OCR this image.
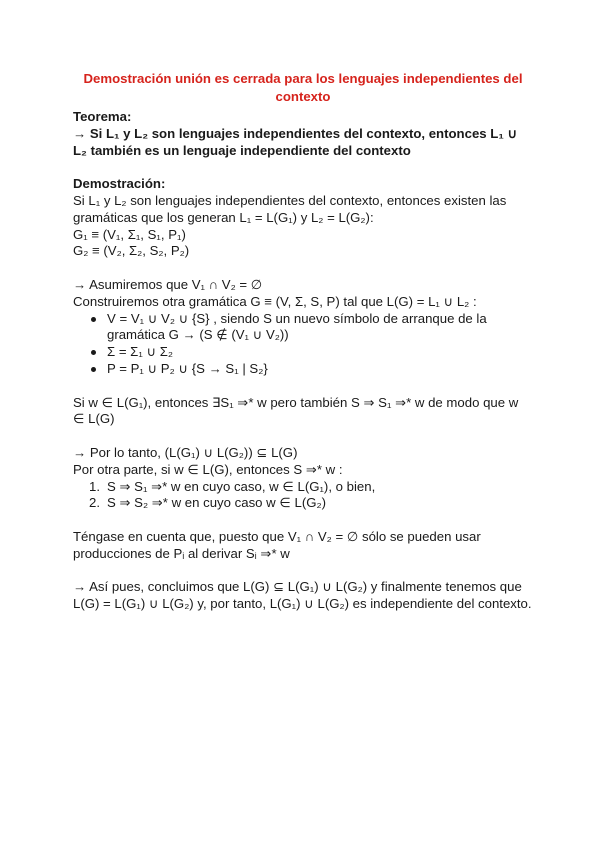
Demostración unión es cerrada para los lenguajes independientes del contexto

Teorema:

→ Si L₁ y L₂ son lenguajes independientes del contexto, entonces L₁ ∪ L₂ también es un lenguaje independiente del contexto

Demostración:

Si L₁ y L₂ son lenguajes independientes del contexto, entonces existen las gramáticas que los generan L₁ = L(G₁) y L₂ = L(G₂):

G₁ ≡ (V₁, Σ₁, S₁, P₁)

G₂ ≡ (V₂, Σ₂, S₂, P₂)

→ Asumiremos que V₁ ∩ V₂ = ∅

Construiremos otra gramática G ≡ (V, Σ, S, P) tal que L(G) = L₁ ∪ L₂ :

V = V₁ ∪ V₂ ∪ {S} , siendo S un nuevo símbolo de arranque de la gramática G → (S ∉ (V₁ ∪ V₂))
Σ = Σ₁ ∪ Σ₂
P = P₁ ∪ P₂ ∪ {S → S₁ | S₂}

Si w ∈ L(G₁), entonces ∃S₁ ⇒* w pero también S ⇒ S₁ ⇒* w de modo que w ∈ L(G)

→ Por lo tanto, (L(G₁) ∪ L(G₂)) ⊆ L(G)

Por otra parte, si w ∈ L(G), entonces S ⇒* w :

1. S ⇒ S₁ ⇒* w en cuyo caso, w ∈ L(G₁), o bien,
2. S ⇒ S₂ ⇒* w en cuyo caso w ∈ L(G₂)

Téngase en cuenta que, puesto que V₁ ∩ V₂ = ∅ sólo se pueden usar producciones de Pᵢ al derivar Sᵢ ⇒* w

→ Así pues, concluimos que L(G) ⊆ L(G₁) ∪ L(G₂) y finalmente tenemos que L(G) = L(G₁) ∪ L(G₂) y, por tanto, L(G₁) ∪ L(G₂) es independiente del contexto.
